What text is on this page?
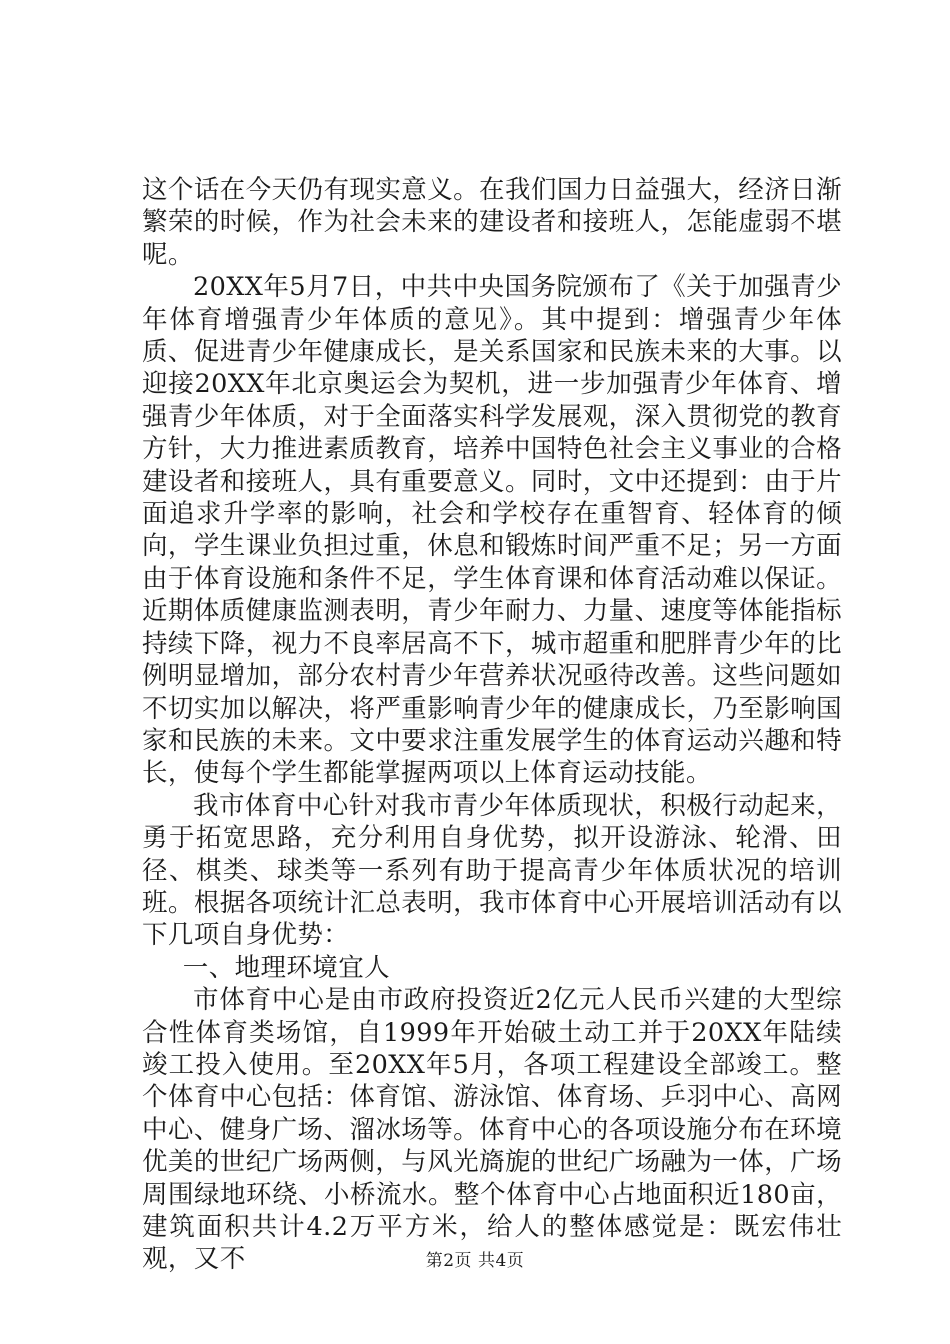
这个话在今天仍有现实意义。在我们国力日益强大，经济日渐繁荣的时候，作为社会未来的建设者和接班人，怎能虚弱不堪呢。

20XX年5月7日，中共中央国务院颁布了《关于加强青少年体育增强青少年体质的意见》。其中提到：增强青少年体质、促进青少年健康成长，是关系国家和民族未来的大事。以迎接20XX年北京奥运会为契机，进一步加强青少年体育、增强青少年体质，对于全面落实科学发展观，深入贯彻党的教育方针，大力推进素质教育，培养中国特色社会主义事业的合格建设者和接班人，具有重要意义。同时，文中还提到：由于片面追求升学率的影响，社会和学校存在重智育、轻体育的倾向，学生课业负担过重，休息和锻炼时间严重不足；另一方面由于体育设施和条件不足，学生体育课和体育活动难以保证。近期体质健康监测表明，青少年耐力、力量、速度等体能指标持续下降，视力不良率居高不下，城市超重和肥胖青少年的比例明显增加，部分农村青少年营养状况亟待改善。这些问题如不切实加以解决，将严重影响青少年的健康成长，乃至影响国家和民族的未来。文中要求注重发展学生的体育运动兴趣和特长，使每个学生都能掌握两项以上体育运动技能。

我市体育中心针对我市青少年体质现状，积极行动起来，勇于拓宽思路，充分利用自身优势，拟开设游泳、轮滑、田径、棋类、球类等一系列有助于提高青少年体质状况的培训班。根据各项统计汇总表明，我市体育中心开展培训活动有以下几项自身优势：

一、地理环境宜人

市体育中心是由市政府投资近2亿元人民币兴建的大型综合性体育类场馆，自1999年开始破土动工并于20XX年陆续竣工投入使用。至20XX年5月，各项工程建设全部竣工。整个体育中心包括：体育馆、游泳馆、体育场、乒羽中心、高网中心、健身广场、溜冰场等。体育中心的各项设施分布在环境优美的世纪广场两侧，与风光旖旎的世纪广场融为一体，广场周围绿地环绕、小桥流水。整个体育中心占地面积近180亩，建筑面积共计4.2万平方米，给人的整体感觉是：既宏伟壮观，又不	第2页 共4页
